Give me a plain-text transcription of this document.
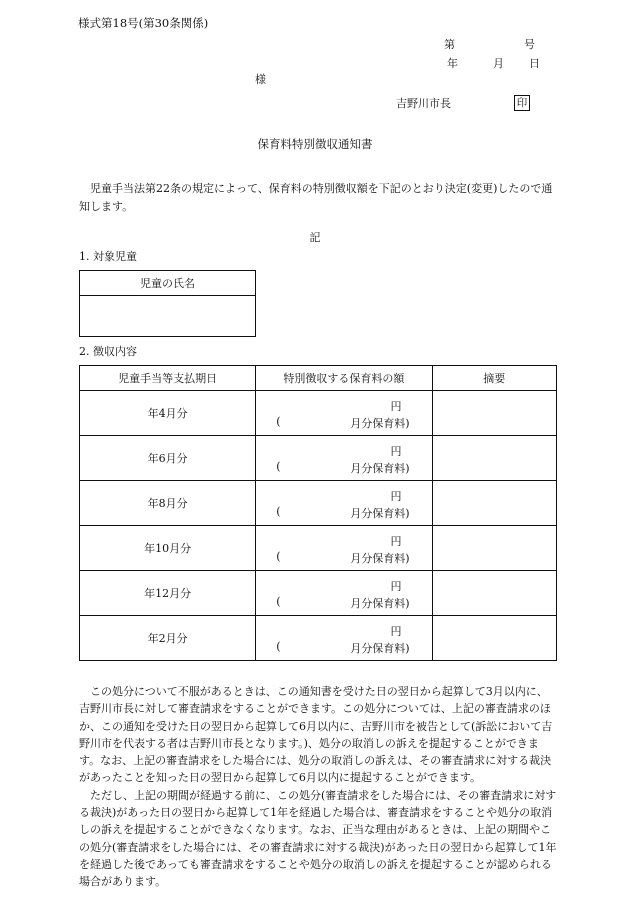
様式第18号(第30条関係)
第	号
年	月 日
様
吉野川市長	印
保育料特別徴収通知書
児童手当法第22条の規定によって、保育料の特別徴収額を下記のとおり決定(変更)したので通知します。
記
1. 対象児童
児童の氏名

2. 徴収内容
児童手当等支払期日	特別徴収する保育料の額	摘要
年4月分	円
( 月分保育料)	

年6月分	円
( 月分保育料)	

年8月分	円
( 月分保育料)	

年10月分	円
( 月分保育料)	

年12月分	円
( 月分保育料)	

年2月分	円
( 月分保育料)	

この処分について不服があるときは、この通知書を受けた日の翌日から起算して3月以内に、吉野川市長に対して審査請求をすることができます。この処分については、上記の審査請求のほか、この通知を受けた日の翌日から起算して6月以内に、吉野川市を被告として(訴訟において吉野川市を代表する者は吉野川市長となります。)、処分の取消しの訴えを提起することができます。なお、上記の審査請求をした場合には、処分の取消しの訴えは、その審査請求に対する裁決があったことを知った日の翌日から起算して6月以内に提起することができます。

ただし、上記の期間が経過する前に、この処分(審査請求をした場合には、その審査請求に対する裁決)があった日の翌日から起算して1年を経過した場合は、審査請求をすることや処分の取消しの訴えを提起することができなくなります。なお、正当な理由があるときは、上記の期間やこの処分(審査請求をした場合には、その審査請求に対する裁決)があった日の翌日から起算して1年を経過した後であっても審査請求をすることや処分の取消しの訴えを提起することが認められる場合があります。
